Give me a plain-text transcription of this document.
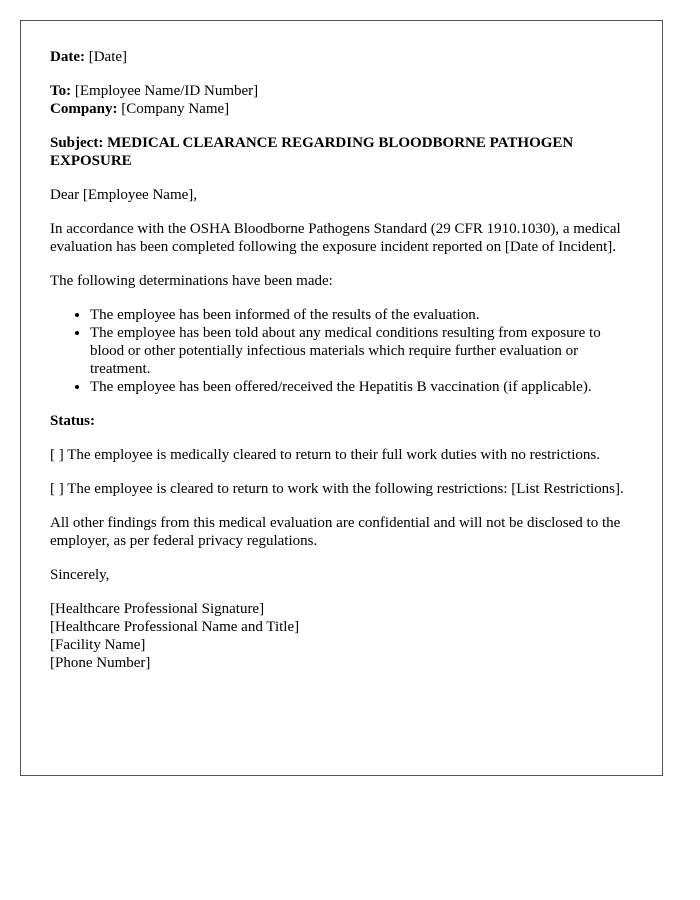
Date: [Date]

To: [Employee Name/ID Number]
Company: [Company Name]

Subject: MEDICAL CLEARANCE REGARDING BLOODBORNE PATHOGEN EXPOSURE

Dear [Employee Name],

In accordance with the OSHA Bloodborne Pathogens Standard (29 CFR 1910.1030), a medical evaluation has been completed following the exposure incident reported on [Date of Incident].

The following determinations have been made:

• The employee has been informed of the results of the evaluation.
• The employee has been told about any medical conditions resulting from exposure to blood or other potentially infectious materials which require further evaluation or treatment.
• The employee has been offered/received the Hepatitis B vaccination (if applicable).

Status:

[ ] The employee is medically cleared to return to their full work duties with no restrictions.

[ ] The employee is cleared to return to work with the following restrictions: [List Restrictions].

All other findings from this medical evaluation are confidential and will not be disclosed to the employer, as per federal privacy regulations.

Sincerely,

[Healthcare Professional Signature]
[Healthcare Professional Name and Title]
[Facility Name]
[Phone Number]
